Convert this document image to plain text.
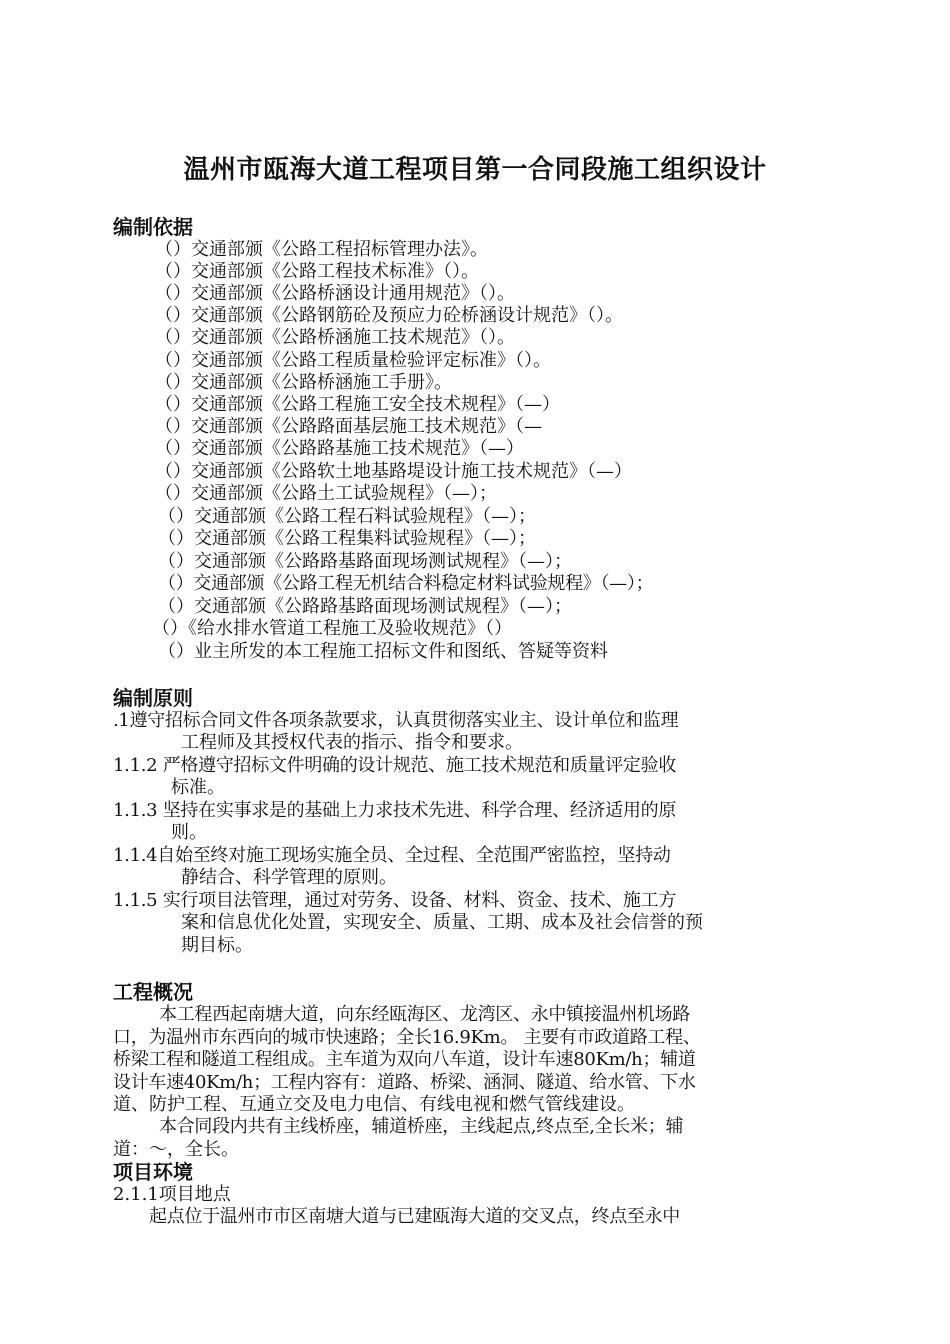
温州市瓯海大道工程项目第一合同段施工组织设计
编制依据
（）交通部颁《公路工程招标管理办法》。
（）交通部颁《公路工程技术标准》（）。
（）交通部颁《公路桥涵设计通用规范》（）。
（）交通部颁《公路钢筋砼及预应力砼桥涵设计规范》（）。
（）交通部颁《公路桥涵施工技术规范》（）。
（）交通部颁《公路工程质量检验评定标准》（）。
（）交通部颁《公路桥涵施工手册》。
（）交通部颁《公路工程施工安全技术规程》（—）
（）交通部颁《公路路面基层施工技术规范》（—
（）交通部颁《公路路基施工技术规范》（—）
（）交通部颁《公路软土地基路堤设计施工技术规范》（—）
（）交通部颁《公路土工试验规程》（—）；
（）交通部颁《公路工程石料试验规程》（—）；
（）交通部颁《公路工程集料试验规程》（—）；
（）交通部颁《公路路基路面现场测试规程》（—）；
（）交通部颁《公路工程无机结合料稳定材料试验规程》（—）；
（）交通部颁《公路路基路面现场测试规程》（—）；
（）《给水排水管道工程施工及验收规范》（）
（）业主所发的本工程施工招标文件和图纸、答疑等资料
编制原则
.1遵守招标合同文件各项条款要求，认真贯彻落实业主、设计单位和监理
工程师及其授权代表的指示、指令和要求。
1.1.2 严格遵守招标文件明确的设计规范、施工技术规范和质量评定验收
标准。
1.1.3 坚持在实事求是的基础上力求技术先进、科学合理、经济适用的原
则。
1.1.4自始至终对施工现场实施全员、全过程、全范围严密监控，坚持动
静结合、科学管理的原则。
1.1.5 实行项目法管理，通过对劳务、设备、材料、资金、技术、施工方
案和信息优化处置，实现安全、质量、工期、成本及社会信誉的预
期目标。
工程概况
本工程西起南塘大道，向东经瓯海区、龙湾区、永中镇接温州机场路
口，为温州市东西向的城市快速路；全长16.9Km。 主要有市政道路工程、
桥梁工程和隧道工程组成。主车道为双向八车道，设计车速80Km/h；辅道
设计车速40Km/h；工程内容有：道路、桥梁、涵洞、隧道、给水管、下水
道、防护工程、互通立交及电力电信、有线电视和燃气管线建设。
本合同段内共有主线桥座，辅道桥座，主线起点,终点至,全长米；辅
道：～，全长。
项目环境
2.1.1项目地点
起点位于温州市市区南塘大道与已建瓯海大道的交叉点，终点至永中
